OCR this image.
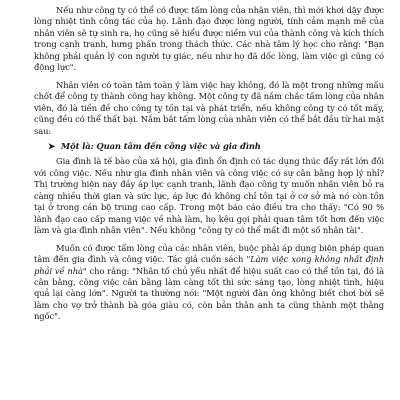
Nếu như công ty có thể có được tấm lòng của nhân viên, thì mới khơi dậy được lòng nhiệt tình công tác của họ. Lãnh đạo được lòng người, tính cảm mạnh mẽ của nhân viên sẽ tự sinh ra, họ cũng sẽ hiểu được niềm vui của thành công và kích thích trong cạnh tranh, hưng phấn trong thách thức. Các nhà tâm lý học cho rằng: "Bạn không phải quản lý con người tự giác, nếu như họ đã dốc lòng, làm việc gì cũng có động lực".

Nhân viên có toàn tâm toàn ý làm việc hay không, đó là một trong những mấu chốt để công ty thành công hay không. Một công ty đã nắm chắc tấm lòng của nhân viên, đó là tiền đề cho công ty tồn tại và phát triển, nếu không công ty có tốt mấy, cũng đều có thể thất bại. Nắm bắt tấm lòng của nhân viên có thể bắt đầu từ hai mặt sau:

➤ Một là: Quan tâm đến công việc và gia đình

Gia đình là tế bào của xã hội, gia đình ổn định có tác dụng thúc đẩy rất lớn đối với công việc. Nếu như gia đình nhân viên và công việc có sự cân bằng hợp lý nhỉ? Thị trường hiện nay đầy áp lực cạnh tranh, lãnh đạo công ty muốn nhân viên bỏ ra càng nhiều thời gian và sức lực, áp lực đó không chỉ tồn tại ở cơ sở mà nó còn tồn tại ở trong cán bộ trung cao cấp. Trong một báo cáo điều tra cho thấy: "Có 90 % lãnh đạo cao cấp mang việc về nhà làm, họ kêu gọi phải quan tâm tốt hơn đến việc làm và gia đình nhân viên". Nếu không "công ty có thể mất đi một số nhân tài".

Muốn có được tấm lòng của các nhân viên, buộc phải áp dụng biện pháp quan tâm đến gia đình và công việc. Tác giả cuốn sách "Làm việc xong không nhất định phải về nhà" cho rằng: "Nhân tố chủ yếu nhất để hiệu suất cao có thể tồn tại, đó là cân bằng, công việc cân bằng làm càng tốt thì sức sáng tạo, lòng nhiệt tình, hiệu quả lại càng lớn". Người ta thường nói: "Một người đàn ông không biết chơi bời sẽ làm cho vợ trở thành bà góa giàu có, còn bản thân anh ta cũng thành một thằng ngốc".
